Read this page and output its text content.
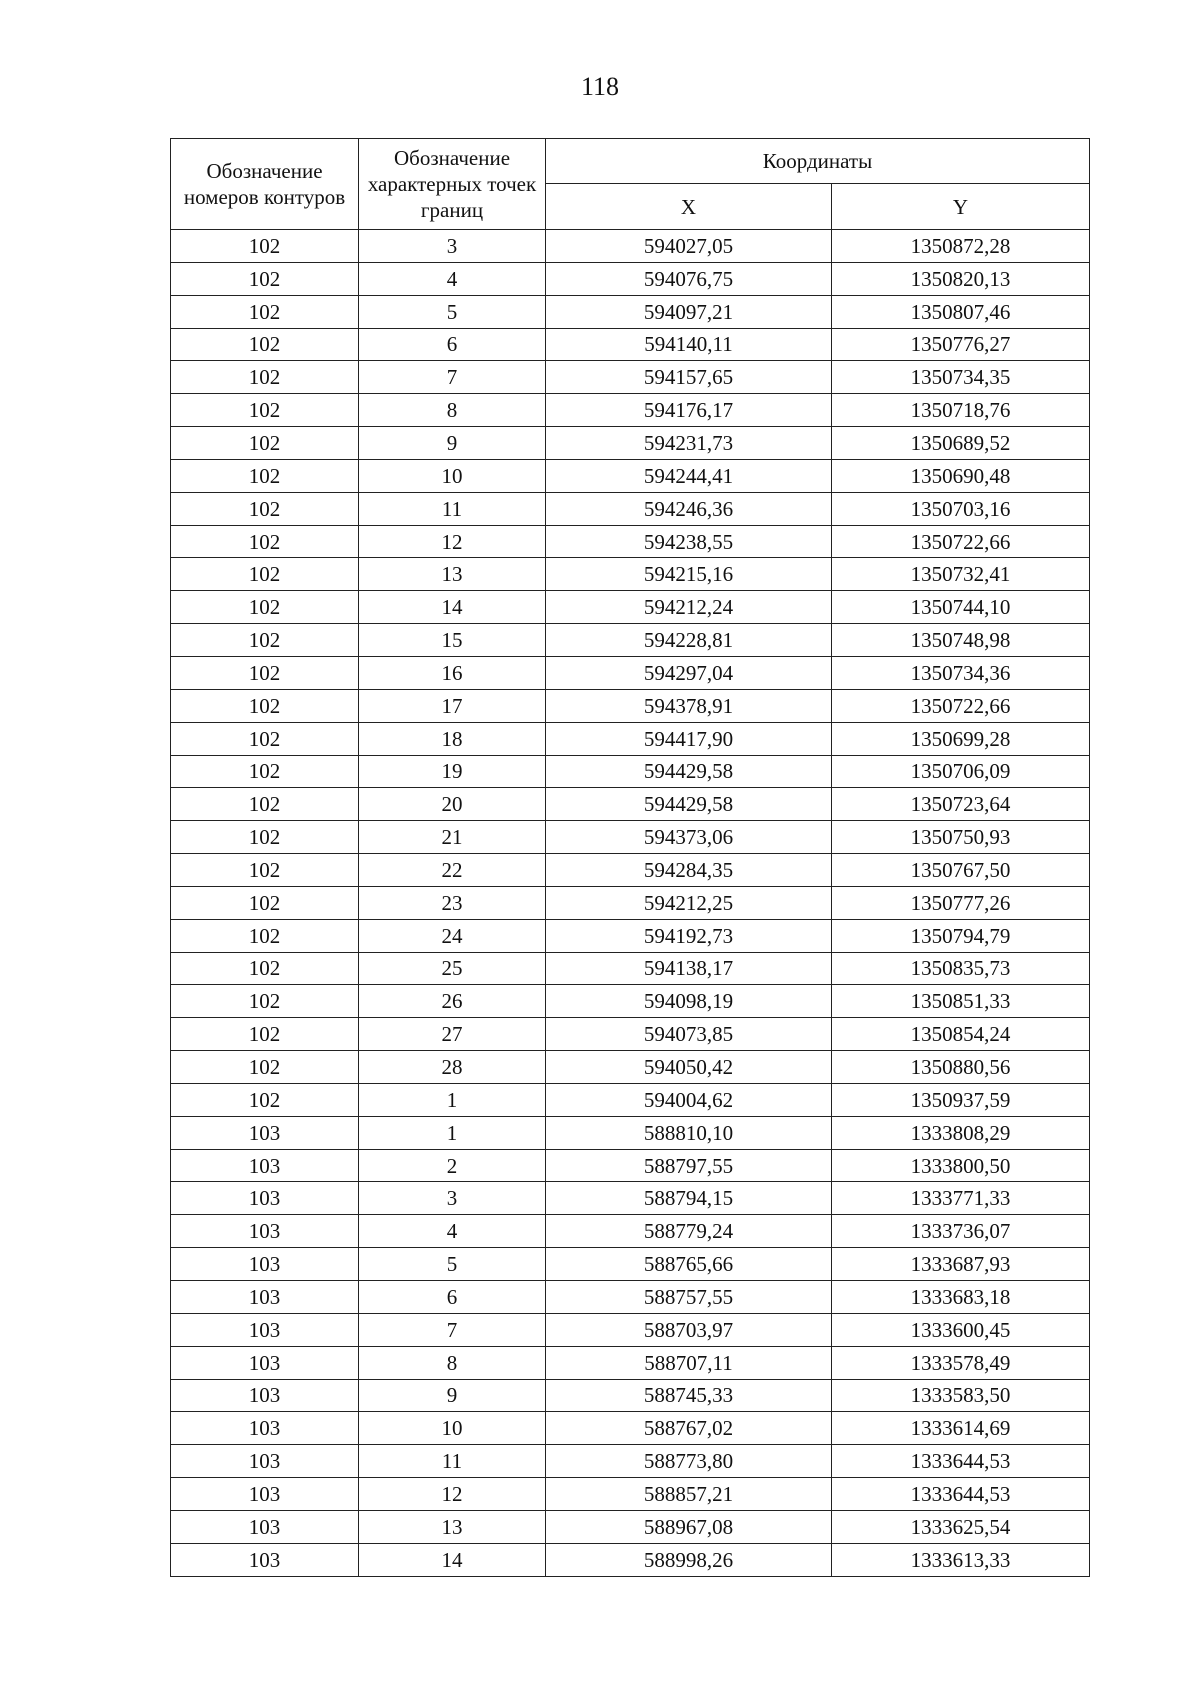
118
Обозначение номеров контуров	Обозначение характерных точек границ	Координаты	
		X	Y
102	3	594027,05	1350872,28
102	4	594076,75	1350820,13
102	5	594097,21	1350807,46
102	6	594140,11	1350776,27
102	7	594157,65	1350734,35
102	8	594176,17	1350718,76
102	9	594231,73	1350689,52
102	10	594244,41	1350690,48
102	11	594246,36	1350703,16
102	12	594238,55	1350722,66
102	13	594215,16	1350732,41
102	14	594212,24	1350744,10
102	15	594228,81	1350748,98
102	16	594297,04	1350734,36
102	17	594378,91	1350722,66
102	18	594417,90	1350699,28
102	19	594429,58	1350706,09
102	20	594429,58	1350723,64
102	21	594373,06	1350750,93
102	22	594284,35	1350767,50
102	23	594212,25	1350777,26
102	24	594192,73	1350794,79
102	25	594138,17	1350835,73
102	26	594098,19	1350851,33
102	27	594073,85	1350854,24
102	28	594050,42	1350880,56
102	1	594004,62	1350937,59
103	1	588810,10	1333808,29
103	2	588797,55	1333800,50
103	3	588794,15	1333771,33
103	4	588779,24	1333736,07
103	5	588765,66	1333687,93
103	6	588757,55	1333683,18
103	7	588703,97	1333600,45
103	8	588707,11	1333578,49
103	9	588745,33	1333583,50
103	10	588767,02	1333614,69
103	11	588773,80	1333644,53
103	12	588857,21	1333644,53
103	13	588967,08	1333625,54
103	14	588998,26	1333613,33
